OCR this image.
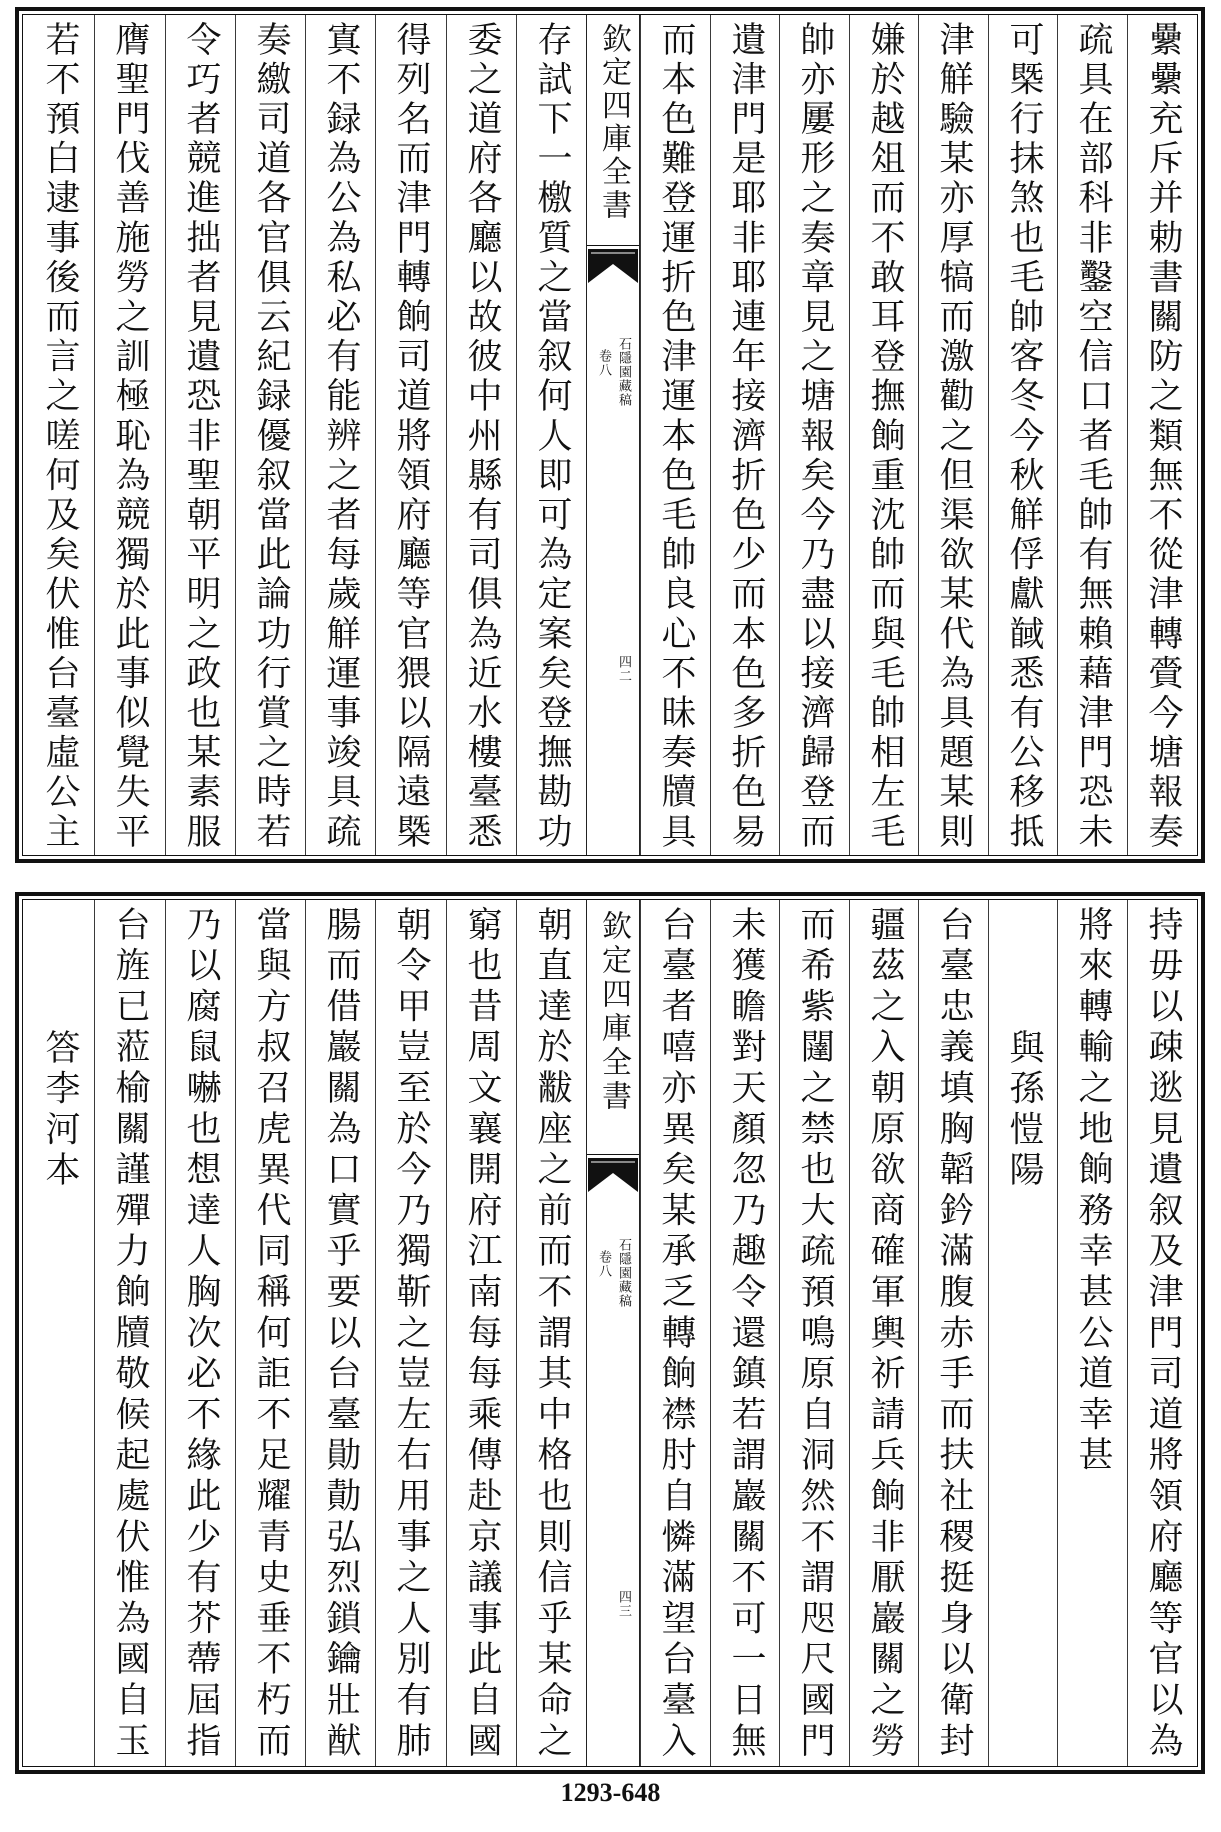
纍纍充斥并勅書關防之類無不從津轉賫今塘報奏
疏具在部科非鑿空信口者毛帥有無賴藉津門恐未
可槩行抹煞也毛帥客冬今秋觧俘獻馘悉有公移抵
津觧驗某亦厚犒而激勸之但渠欲某代為具題某則
嫌於越俎而不敢耳登撫餉重沈帥而與毛帥相左毛
帥亦屢形之奏章見之塘報矣今乃盡以接濟歸登而
遺津門是耶非耶連年接濟折色少而本色多折色易
而本色難登運折色津運本色毛帥良心不昧奏牘具
欽定四庫全書
石隱園藏稿
卷八
四二
存試下一檄質之當叙何人即可為定案矣登撫勘功
委之道府各廳以故彼中州縣有司俱為近水樓臺悉
得列名而津門轉餉司道將領府廳等官猥以隔遠槩
寘不録為公為私必有能辨之者每歲觧運事竣具疏
奏繳司道各官俱云紀録優叙當此論功行賞之時若
令巧者競進拙者見遺恐非聖朝平明之政也某素服
膺聖門伐善施勞之訓極恥為競獨於此事似覺失平
若不預白逮事後而言之嗟何及矣伏惟台臺虛公主
持毋以疎逖見遺叙及津門司道將領府廳等官以為
將來轉輸之地餉務幸甚公道幸甚
與孫愷陽
台臺忠義填胸韜鈐滿腹赤手而扶社稷挺身以衛封
疆茲之入朝原欲商確軍輿祈請兵餉非厭巖關之勞
而希紫闥之禁也大疏預鳴原自洞然不謂咫尺國門
未獲瞻對天顏忽乃趣令還鎮若謂巖關不可一日無
台臺者嘻亦異矣某承乏轉餉襟肘自憐滿望台臺入
欽定四庫全書
石隱園藏稿
卷八
四三
朝直達於黻座之前而不謂其中格也則信乎某命之
窮也昔周文襄開府江南每每乘傳赴京議事此自國
朝令甲豈至於今乃獨靳之豈左右用事之人別有肺
腸而借巖關為口實乎要以台臺勛勣弘烈鎖鑰壯猷
當與方叔召虎異代同稱何詎不足耀青史垂不朽而
乃以腐鼠嚇也想達人胸次必不緣此少有芥蔕屆指
台旌已蒞榆關謹殫力餉牘敬候起處伏惟為國自玉
答李河本
1293-648
